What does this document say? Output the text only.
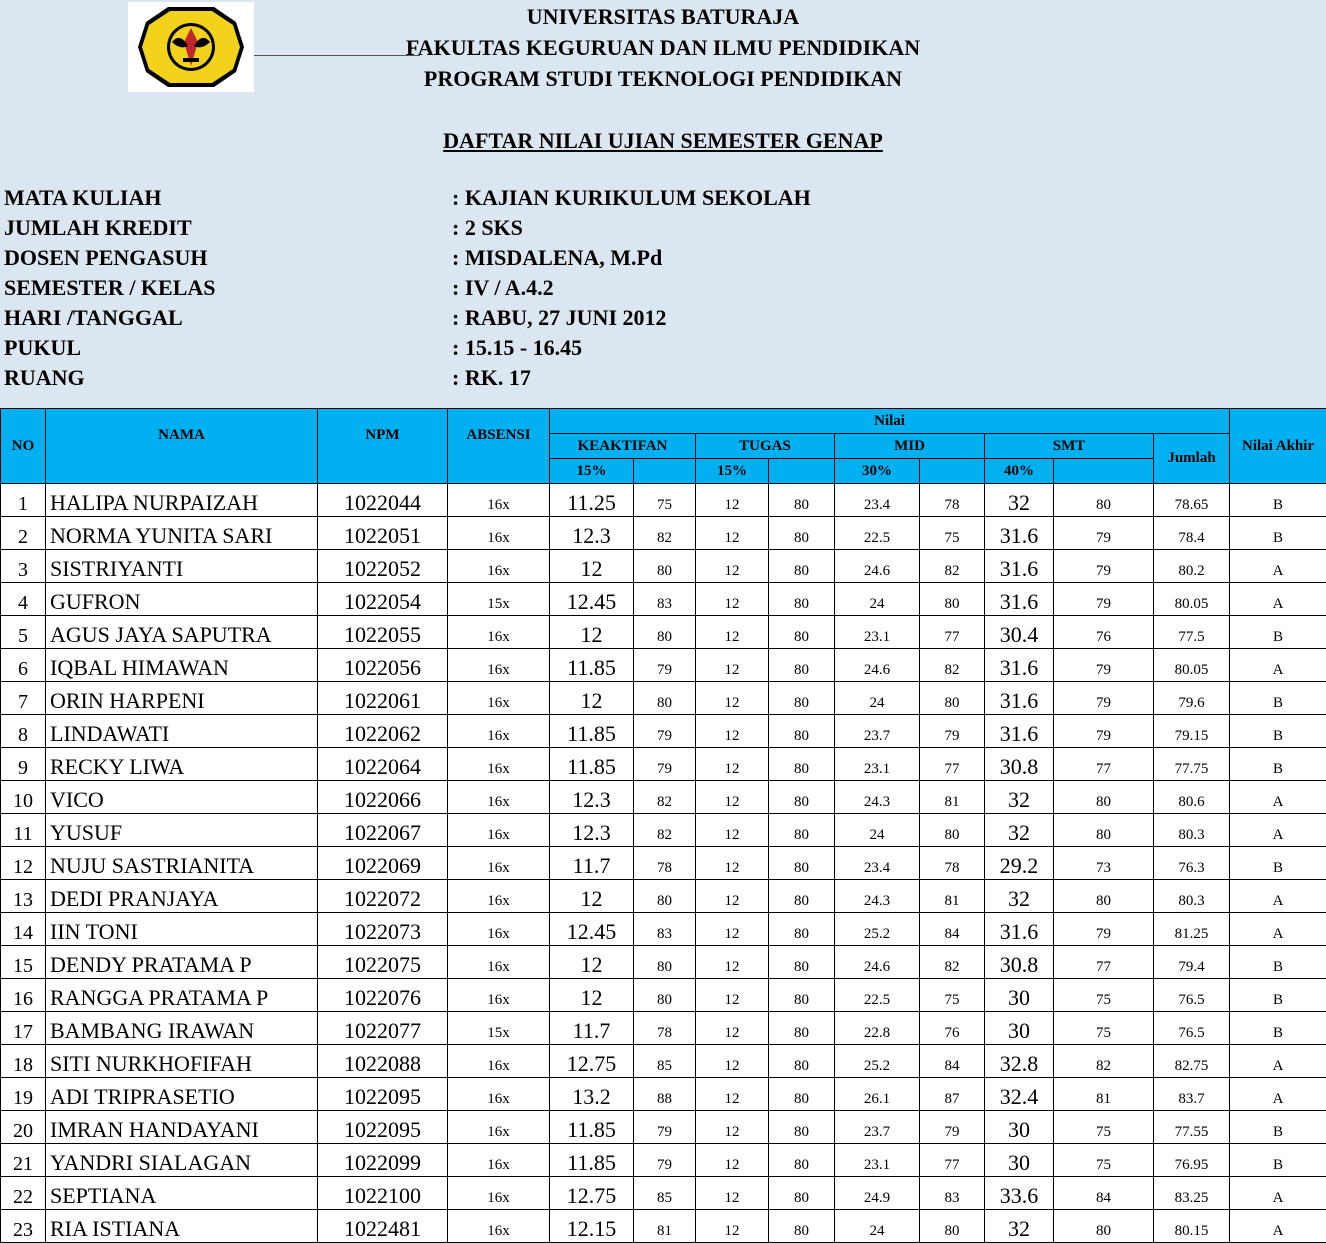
UNIVERSITAS BATURAJA
FAKULTAS KEGURUAN DAN ILMU PENDIDIKAN
PROGRAM STUDI TEKNOLOGI PENDIDIKAN
DAFTAR NILAI UJIAN SEMESTER GENAP
MATA KULIAH	: KAJIAN KURIKULUM SEKOLAH
JUMLAH KREDIT	: 2 SKS
DOSEN PENGASUH	: MISDALENA, M.Pd
SEMESTER / KELAS	: IV / A.4.2
HARI /TANGGAL	: RABU, 27 JUNI 2012
PUKUL	: 15.15 - 16.45
RUANG	: RK. 17
NO	NAMA	NPM	ABSENSI	Nilai									Nilai Akhir
				KEAKTIFAN		TUGAS		MID		SMT		Jumlah	
				15%		15%		30%		40%			
1	HALIPA NURPAIZAH	1022044	16x	11.25	75	12	80	23.4	78	32	80	78.65	B
2	NORMA YUNITA SARI	1022051	16x	12.3	82	12	80	22.5	75	31.6	79	78.4	B
3	SISTRIYANTI	1022052	16x	12	80	12	80	24.6	82	31.6	79	80.2	A
4	GUFRON	1022054	15x	12.45	83	12	80	24	80	31.6	79	80.05	A
5	AGUS JAYA SAPUTRA	1022055	16x	12	80	12	80	23.1	77	30.4	76	77.5	B
6	IQBAL HIMAWAN	1022056	16x	11.85	79	12	80	24.6	82	31.6	79	80.05	A
7	ORIN HARPENI	1022061	16x	12	80	12	80	24	80	31.6	79	79.6	B
8	LINDAWATI	1022062	16x	11.85	79	12	80	23.7	79	31.6	79	79.15	B
9	RECKY LIWA	1022064	16x	11.85	79	12	80	23.1	77	30.8	77	77.75	B
10	VICO	1022066	16x	12.3	82	12	80	24.3	81	32	80	80.6	A
11	YUSUF	1022067	16x	12.3	82	12	80	24	80	32	80	80.3	A
12	NUJU SASTRIANITA	1022069	16x	11.7	78	12	80	23.4	78	29.2	73	76.3	B
13	DEDI PRANJAYA	1022072	16x	12	80	12	80	24.3	81	32	80	80.3	A
14	IIN TONI	1022073	16x	12.45	83	12	80	25.2	84	31.6	79	81.25	A
15	DENDY PRATAMA P	1022075	16x	12	80	12	80	24.6	82	30.8	77	79.4	B
16	RANGGA PRATAMA P	1022076	16x	12	80	12	80	22.5	75	30	75	76.5	B
17	BAMBANG IRAWAN	1022077	15x	11.7	78	12	80	22.8	76	30	75	76.5	B
18	SITI NURKHOFIFAH	1022088	16x	12.75	85	12	80	25.2	84	32.8	82	82.75	A
19	ADI TRIPRASETIO	1022095	16x	13.2	88	12	80	26.1	87	32.4	81	83.7	A
20	IMRAN HANDAYANI	1022095	16x	11.85	79	12	80	23.7	79	30	75	77.55	B
21	YANDRI SIALAGAN	1022099	16x	11.85	79	12	80	23.1	77	30	75	76.95	B
22	SEPTIANA	1022100	16x	12.75	85	12	80	24.9	83	33.6	84	83.25	A
23	RIA ISTIANA	1022481	16x	12.15	81	12	80	24	80	32	80	80.15	A
